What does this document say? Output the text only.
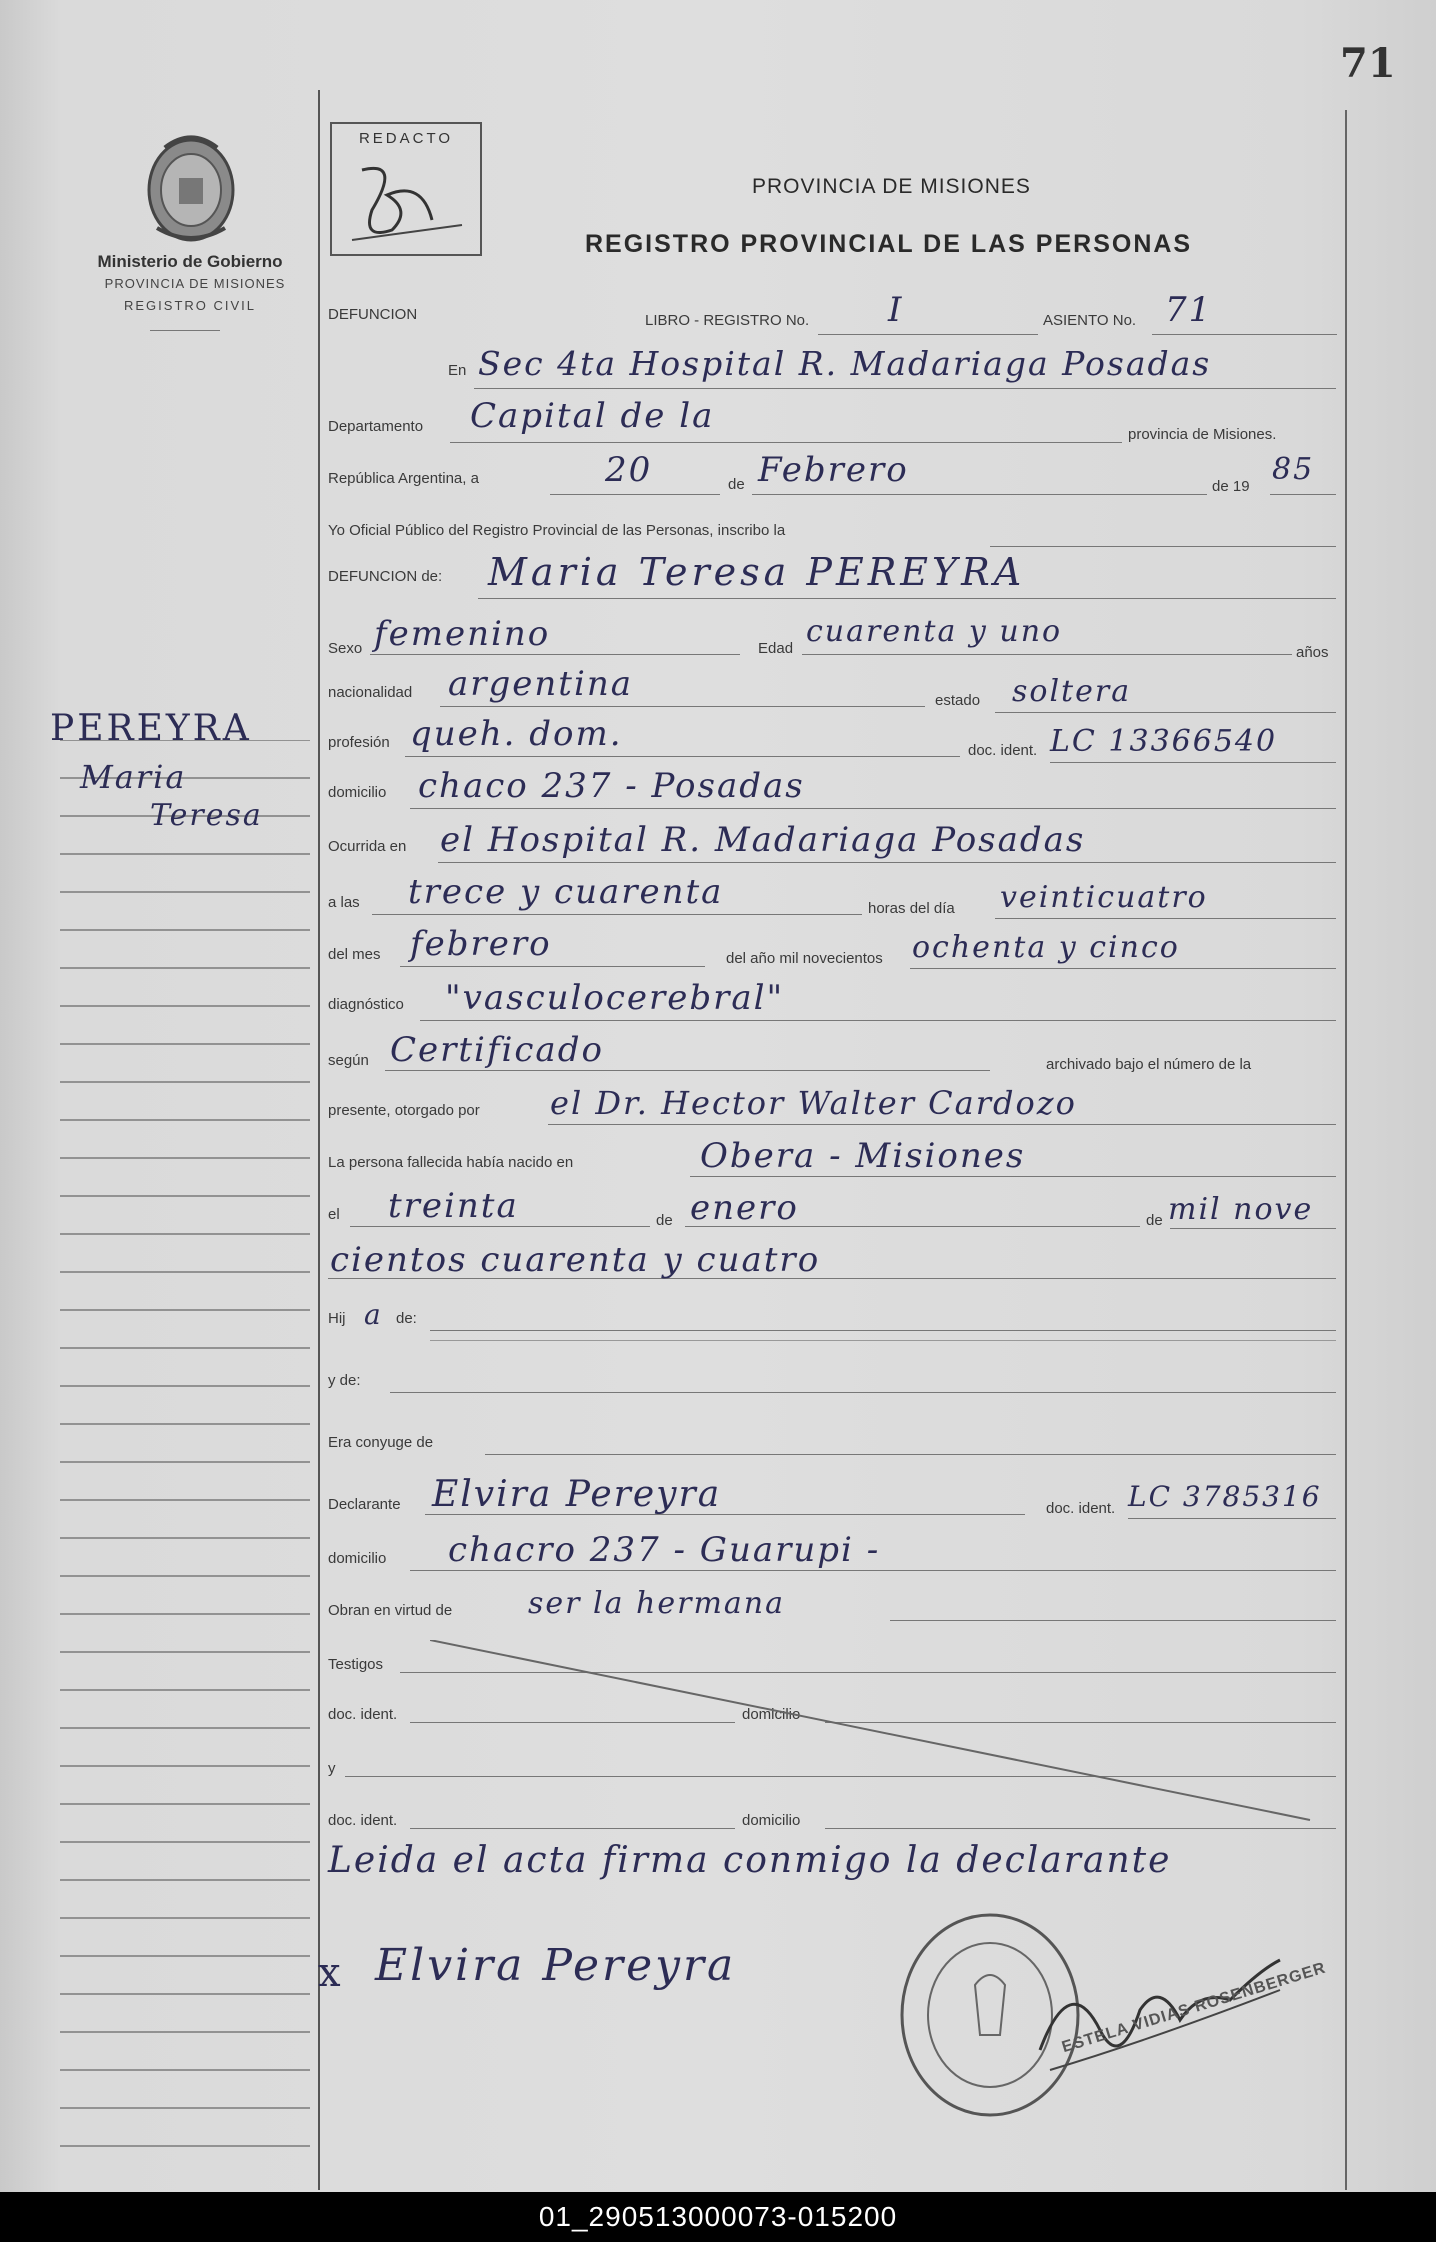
71
Ministerio de Gobierno
PROVINCIA DE MISIONES
REGISTRO CIVIL
REDACTO
PEREYRA
Maria
Teresa
PROVINCIA DE MISIONES
REGISTRO PROVINCIAL DE LAS PERSONAS
DEFUNCION	LIBRO - REGISTRO No. I	ASIENTO No. 71
En Sec 4ta Hospital R. Madariaga Posadas
Departamento Capital de la	provincia de Misiones.
República Argentina, a	20	de Febrero	de 19 85
Yo Oficial Público del Registro Provincial de las Personas, inscribo la
DEFUNCION de: Maria Teresa PEREYRA
Sexo femenino	Edad cuarenta y uno
años
nacionalidad argentina	estado soltera
profesión queh. dom.	doc. ident. LC 13366540
domicilio chaco 237 - Posadas
Ocurrida en el Hospital R. Madariaga Posadas
a las trece y cuarenta	horas del día veinticuatro
del mes febrero	del año mil novecientos ochenta y cinco
diagnóstico "vasculocerebral"
según Certificado	archivado bajo el número de la
presente, otorgado por el Dr. Hector Walter Cardozo
La persona fallecida había nacido en	Obera - Misiones
el treinta	de enero	de mil nove
cientos cuarenta y cuatro
Hij a de:
y de:
Era conyuge de
Declarante Elvira Pereyra	doc. ident. LC 3785316
domicilio chacro 237 - Guarupi -
Obran en virtud de	ser la hermana
Testigos
doc. ident.	domicilio
y
doc. ident.	domicilio
Leida el acta firma conmigo la declarante
x Elvira Pereyra	ESTELA VIDIAS ROSENBERGER
01_290513000073-015200
